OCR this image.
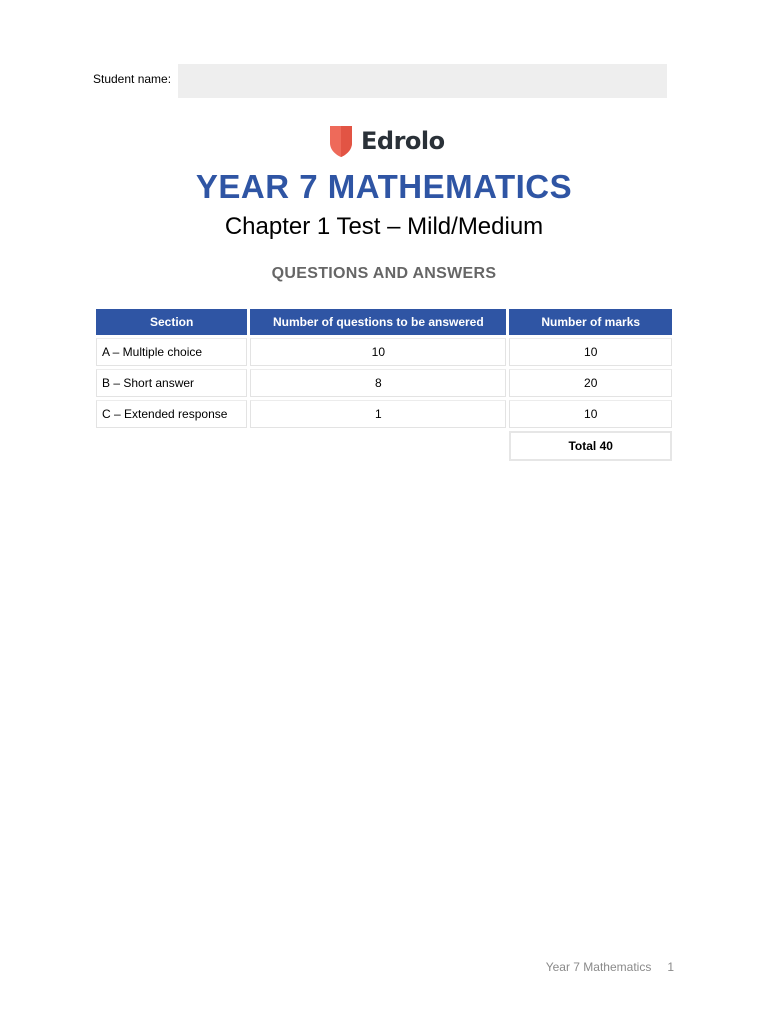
Student name:
Edrolo
YEAR 7 MATHEMATICS
Chapter 1 Test – Mild/Medium
QUESTIONS AND ANSWERS
Section	Number of questions to be answered	Number of marks
A – Multiple choice	10	10
B – Short answer	8	20
C – Extended response	1	10
		Total 40
Year 7 Mathematics 1
